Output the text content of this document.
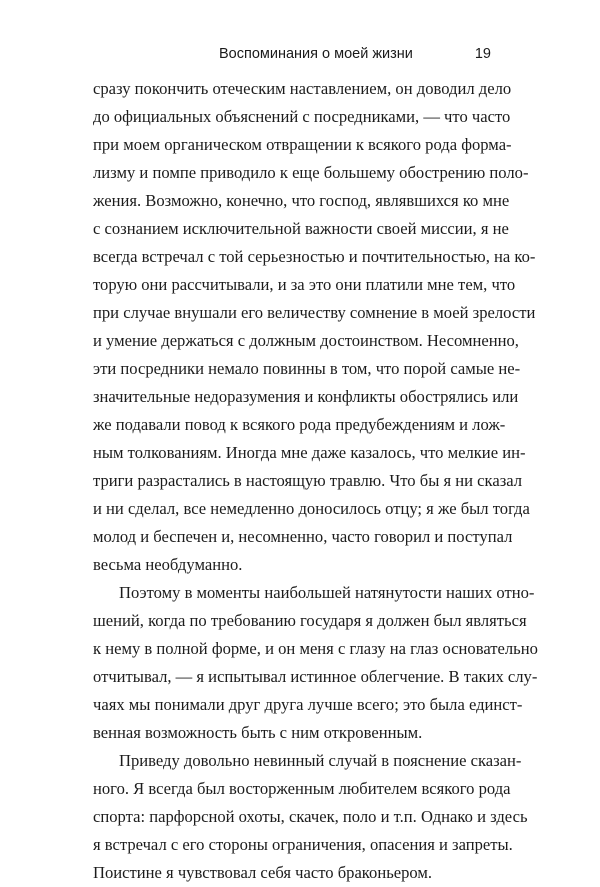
Воспоминания о моей жизни	19
сразу покончить отеческим наставлением, он доводил дело
до официальных объяснений с посредниками, — что часто
при моем органическом отвращении к всякого рода форма-
лизму и помпе приводило к еще большему обострению поло-
жения. Возможно, конечно, что господ, являвшихся ко мне
с сознанием исключительной важности своей миссии, я не
всегда встречал с той серьезностью и почтительностью, на ко-
торую они рассчитывали, и за это они платили мне тем, что
при случае внушали его величеству сомнение в моей зрелости
и умение держаться с должным достоинством. Несомненно,
эти посредники немало повинны в том, что порой самые не-
значительные недоразумения и конфликты обострялись или
же подавали повод к всякого рода предубеждениям и лож-
ным толкованиям. Иногда мне даже казалось, что мелкие ин-
триги разрастались в настоящую травлю. Что бы я ни сказал
и ни сделал, все немедленно доносилось отцу; я же был тогда
молод и беспечен и, несомненно, часто говорил и поступал
весьма необдуманно.
Поэтому в моменты наибольшей натянутости наших отно-
шений, когда по требованию государя я должен был являться
к нему в полной форме, и он меня с глазу на глаз основательно
отчитывал, — я испытывал истинное облегчение. В таких слу-
чаях мы понимали друг друга лучше всего; это была единст-
венная возможность быть с ним откровенным.
Приведу довольно невинный случай в пояснение сказан-
ного. Я всегда был восторженным любителем всякого рода
спорта: парфорсной охоты, скачек, поло и т.п. Однако и здесь
я встречал с его стороны ограничения, опасения и запреты.
Поистине я чувствовал себя часто браконьером.
